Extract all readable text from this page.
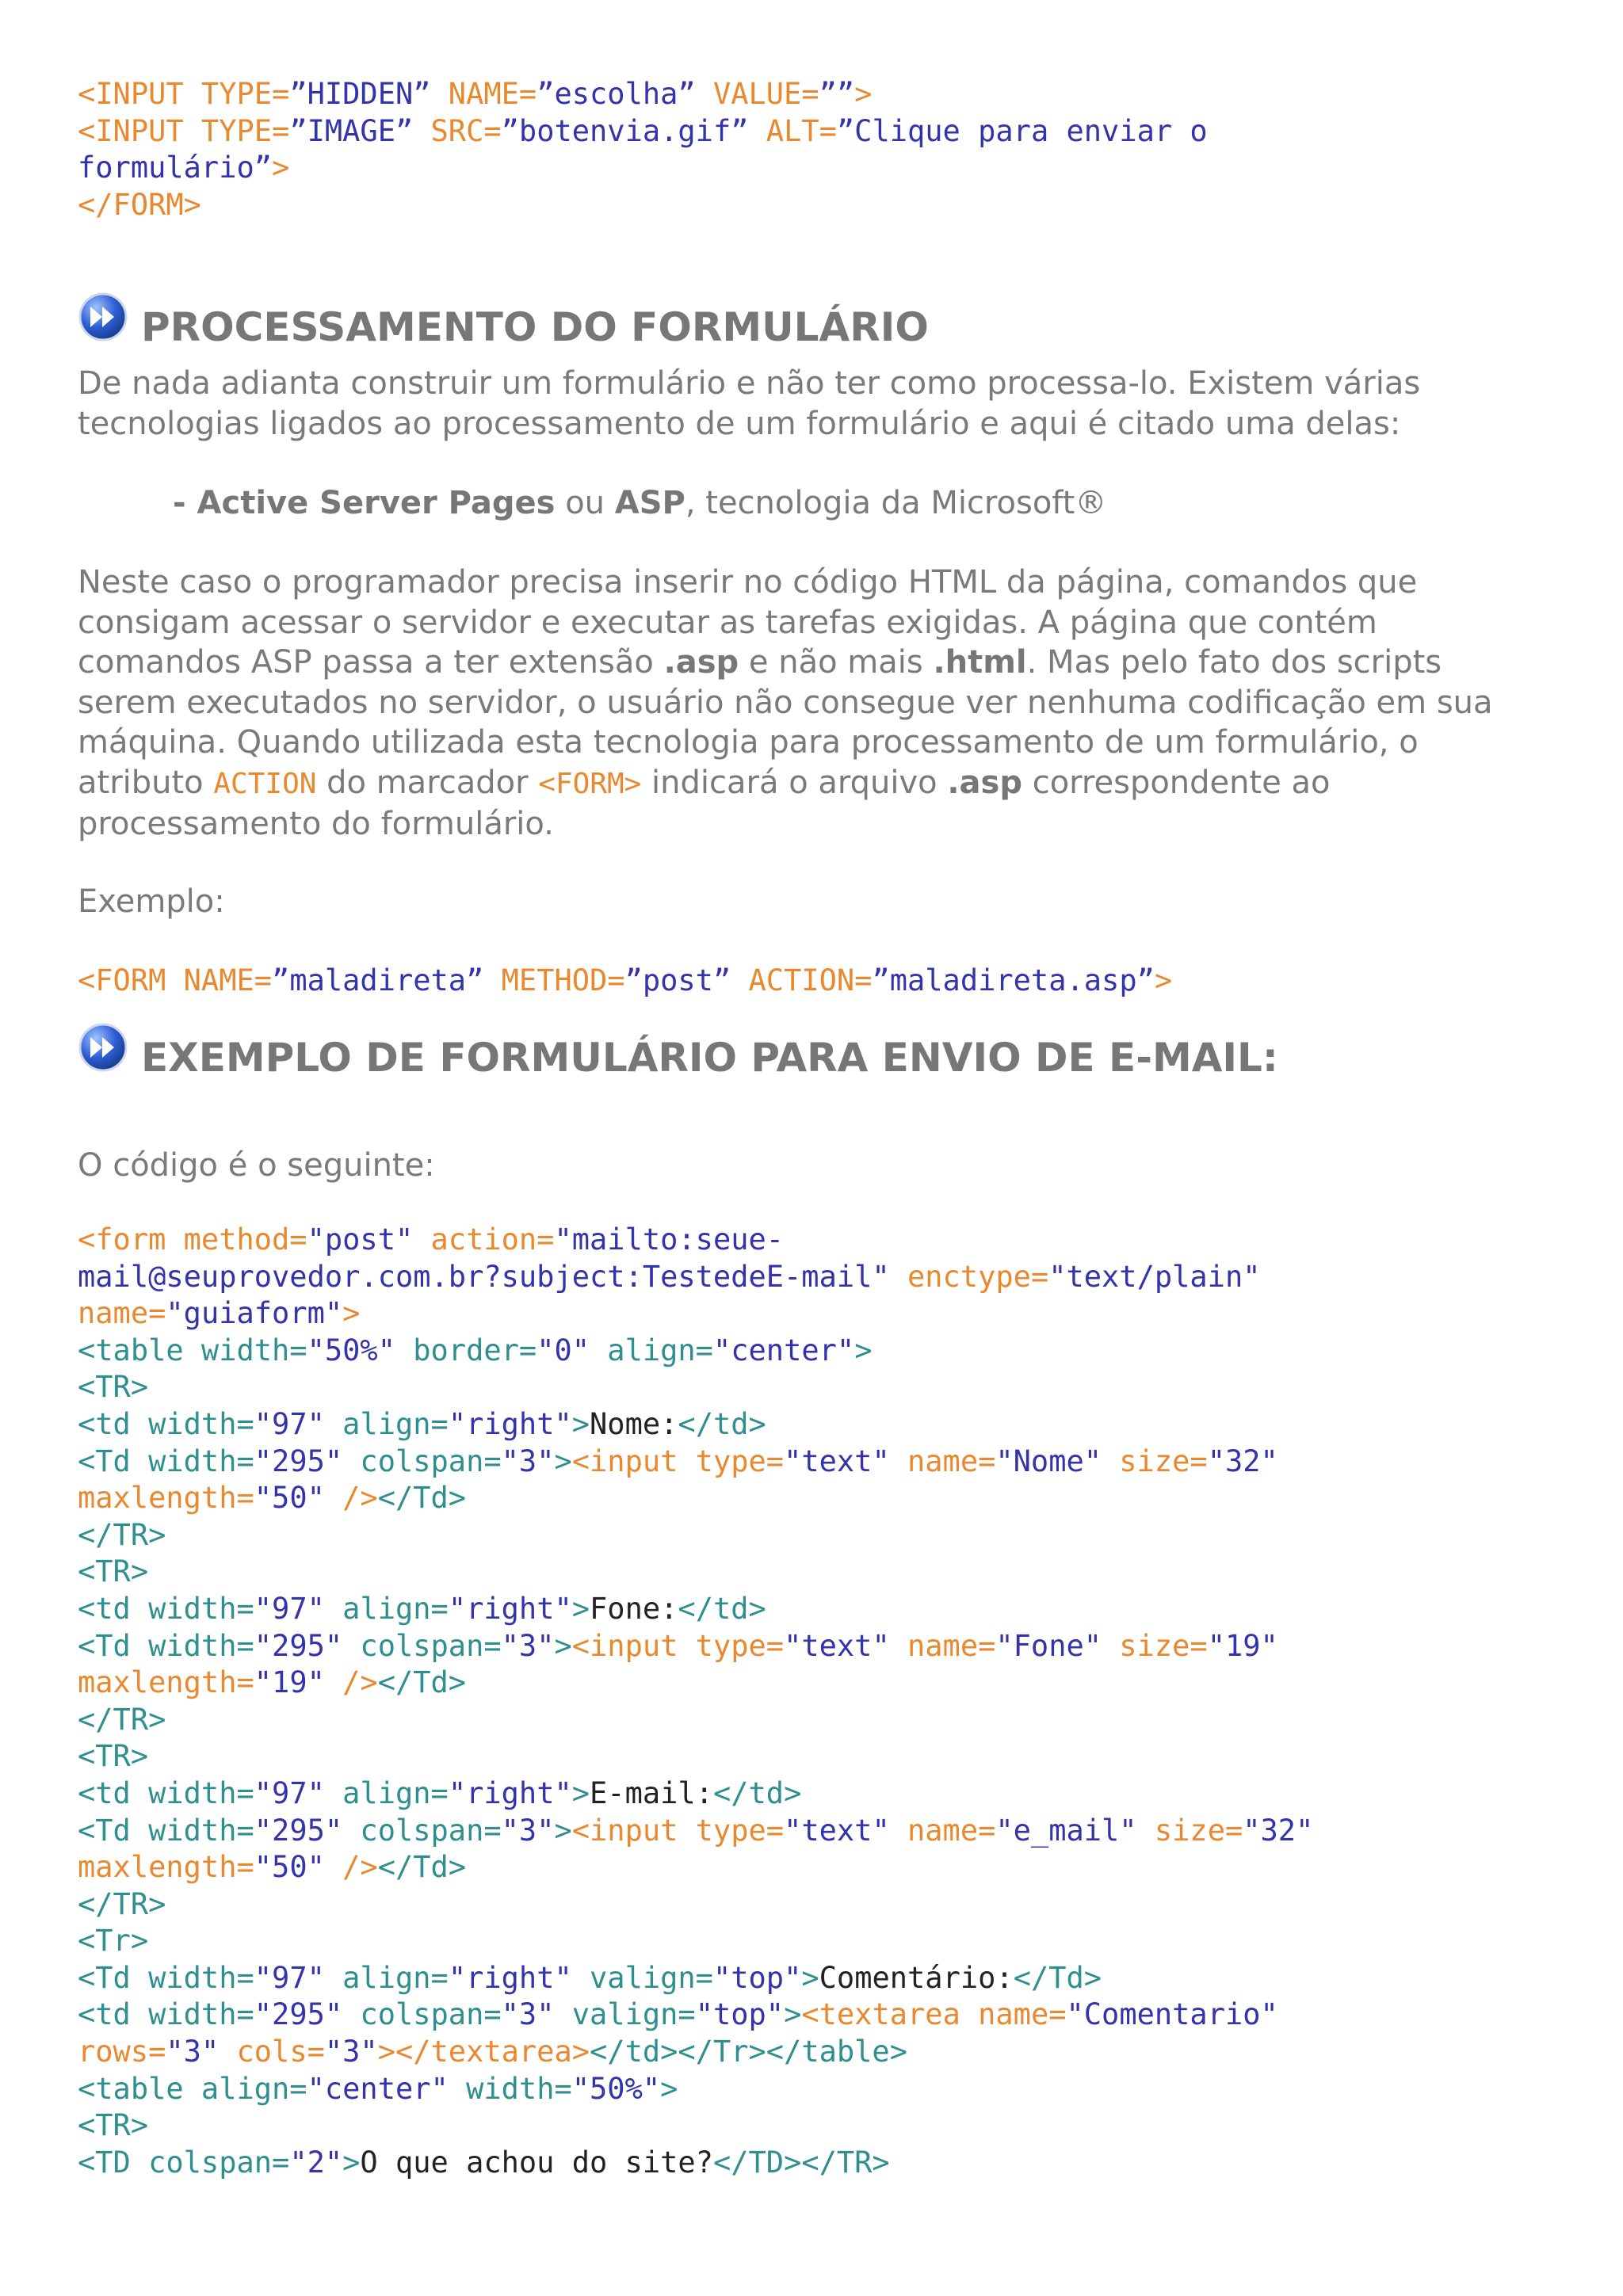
<INPUT TYPE=”HIDDEN” NAME=”escolha” VALUE=””>
<INPUT TYPE=”IMAGE” SRC=”botenvia.gif” ALT=”Clique para enviar o
formulário”>
</FORM>
PROCESSAMENTO DO FORMULÁRIO
De nada adianta construir um formulário e não ter como processa-lo. Existem várias
tecnologias ligados ao processamento de um formulário e aqui é citado uma delas:
- Active Server Pages ou ASP, tecnologia da Microsoft®
Neste caso o programador precisa inserir no código HTML da página, comandos que
consigam acessar o servidor e executar as tarefas exigidas. A página que contém
comandos ASP passa a ter extensão .asp e não mais .html. Mas pelo fato dos scripts
serem executados no servidor, o usuário não consegue ver nenhuma codificação em sua
máquina. Quando utilizada esta tecnologia para processamento de um formulário, o
atributo ACTION do marcador <FORM> indicará o arquivo .asp correspondente ao
processamento do formulário.
Exemplo:
<FORM NAME=”maladireta” METHOD=”post” ACTION=”maladireta.asp”>
EXEMPLO DE FORMULÁRIO PARA ENVIO DE E-MAIL:
O código é o seguinte:
<form method="post" action="mailto:seue-
mail@seuprovedor.com.br?subject:TestedeE-mail" enctype="text/plain"
name="guiaform">
<table width="50%" border="0" align="center">
<TR>
<td width="97" align="right">Nome:</td>
<Td width="295" colspan="3"><input type="text" name="Nome" size="32"
maxlength="50" /></Td>
</TR>
<TR>
<td width="97" align="right">Fone:</td>
<Td width="295" colspan="3"><input type="text" name="Fone" size="19"
maxlength="19" /></Td>
</TR>
<TR>
<td width="97" align="right">E-mail:</td>
<Td width="295" colspan="3"><input type="text" name="e_mail" size="32"
maxlength="50" /></Td>
</TR>
<Tr>
<Td width="97" align="right" valign="top">Comentário:</Td>
<td width="295" colspan="3" valign="top"><textarea name="Comentario"
rows="3" cols="3"></textarea></td></Tr></table>
<table align="center" width="50%">
<TR>
<TD colspan="2">O que achou do site?</TD></TR>
